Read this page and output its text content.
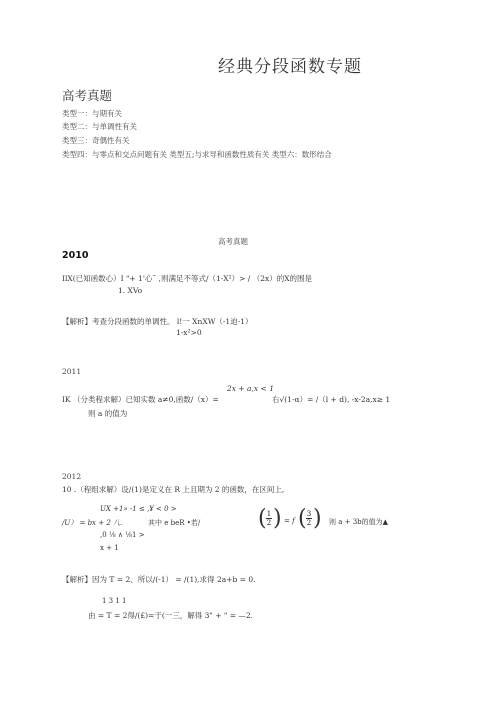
经典分段函数专题
高考真题
类型一：与期有关
类型二：与单调性有关
类型三：奇偶性有关
类型四：与零点和交点问题有关 类型五;与求导和函数性质有关 类型六：数形结合
高考真题
2010
IlX(已知函数心）I "+ 1'心˜ ,则满足不等式/（1-X²）> / （2x）的X的围是
1. XVo
【解析】考查分段函数的单调性。 l!一 XnXW（-1迫-1）
1-x²>0
2011
2x + a,x < 1
IK （分类程求解）已知实数 a≠0,函数/（x）=	右√(1-α）= /（l + d), -x-2a,x≥ 1
则 a 的值为
2012
10 .（程组求解）设/(1)是定义在 R 上且期为 2 的函数，在区间上,
UX +1» -1 ≤ ,¥ < 0 >
/U） = bx + 2 八.	其中 e beR •若/
,0 ⅛ ∧ ⅛1 >
x + 1
( 1
2 ) = f ( 3
2 ) 则 a + 3b的值为▲
【解析】因为 T = 2、所以/(-1） = /(1),求得 2a+b = 0.
1 3 1 1
由 = T = 2得/(£)=于(一三，解得 3" + " = —2.
